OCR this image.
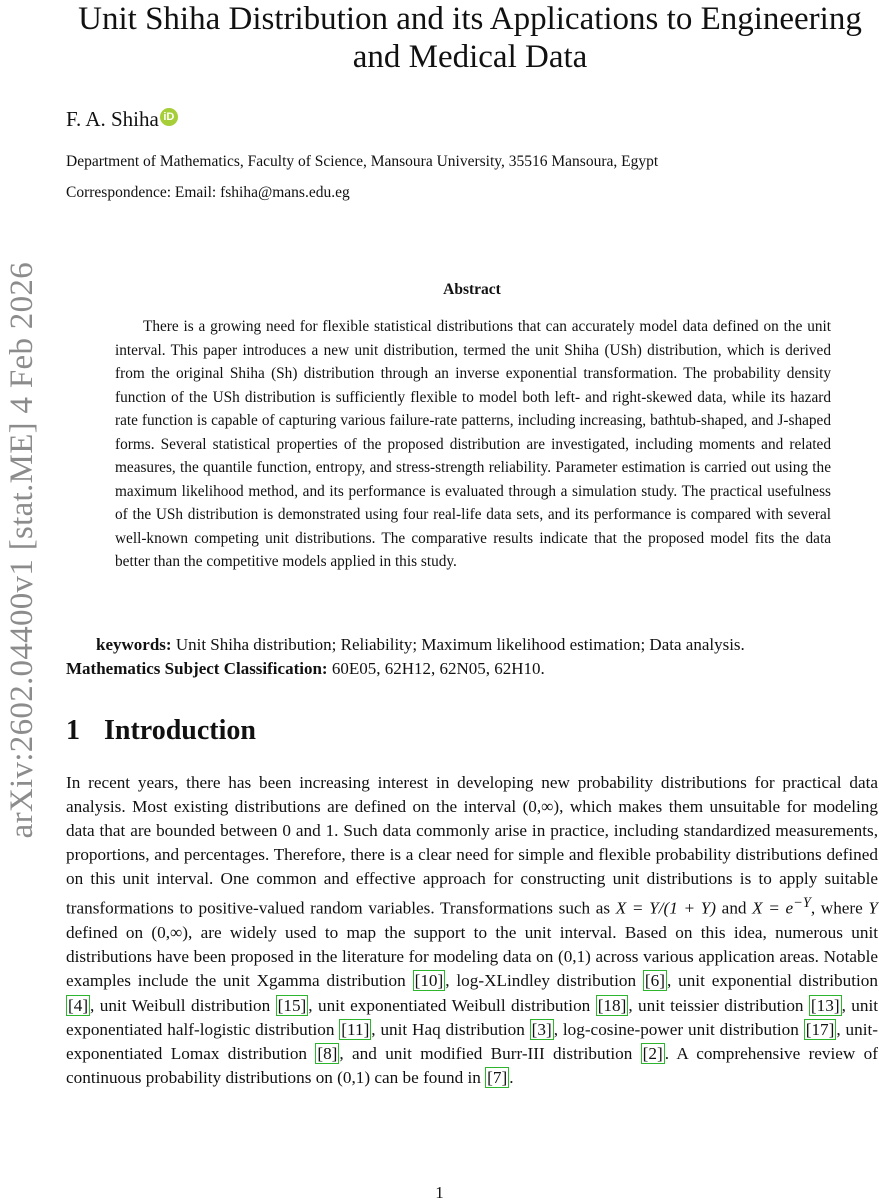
arXiv:2602.04400v1 [stat.ME] 4 Feb 2026
Unit Shiha Distribution and its Applications to Engineering and Medical Data
F. A. Shiha iD

Department of Mathematics, Faculty of Science, Mansoura University, 35516 Mansoura, Egypt

Correspondence: Email: fshiha@mans.edu.eg

Abstract

There is a growing need for flexible statistical distributions that can accurately model data defined on the unit interval. This paper introduces a new unit distribution, termed the unit Shiha (USh) distribution, which is derived from the original Shiha (Sh) distribution through an inverse exponential transformation. The probability density function of the USh distribution is sufficiently flexible to model both left- and right-skewed data, while its hazard rate function is capable of capturing various failure-rate patterns, including increasing, bathtub-shaped, and J-shaped forms. Several statistical properties of the proposed distribution are investigated, including moments and related measures, the quantile function, entropy, and stress-strength reliability. Parameter estimation is carried out using the maximum likelihood method, and its performance is evaluated through a simulation study. The practical usefulness of the USh distribution is demonstrated using four real-life data sets, and its performance is compared with several well-known competing unit distributions. The comparative results indicate that the proposed model fits the data better than the competitive models applied in this study.

keywords: Unit Shiha distribution; Reliability; Maximum likelihood estimation; Data analysis.
Mathematics Subject Classification: 60E05, 62H12, 62N05, 62H10.
1 Introduction

In recent years, there has been increasing interest in developing new probability distributions for practical data analysis. Most existing distributions are defined on the interval (0,∞), which makes them unsuitable for modeling data that are bounded between 0 and 1. Such data commonly arise in practice, including standardized measurements, proportions, and percentages. Therefore, there is a clear need for simple and flexible probability distributions defined on this unit interval. One common and effective approach for constructing unit distributions is to apply suitable transformations to positive-valued random variables. Transformations such as X = Y/(1 + Y) and $X = e^{-Y}$, where Y defined on (0,∞), are widely used to map the support to the unit interval. Based on this idea, numerous unit distributions have been proposed in the literature for modeling data on (0,1) across various application areas. Notable examples include the unit Xgamma distribution [10] , log-XLindley distribution [6] , unit exponential distribution [4] , unit Weibull distribution [15] , unit exponentiated Weibull distribution [18] , unit teissier distribution [13] , unit exponentiated half-logistic distribution [11] , unit Haq distribution [3] , log-cosine-power unit distribution [17] , unit-exponentiated Lomax distribution [8] , and unit modified Burr-III distribution [2] . A comprehensive review of continuous probability distributions on (0,1) can be found in [7] .

1
